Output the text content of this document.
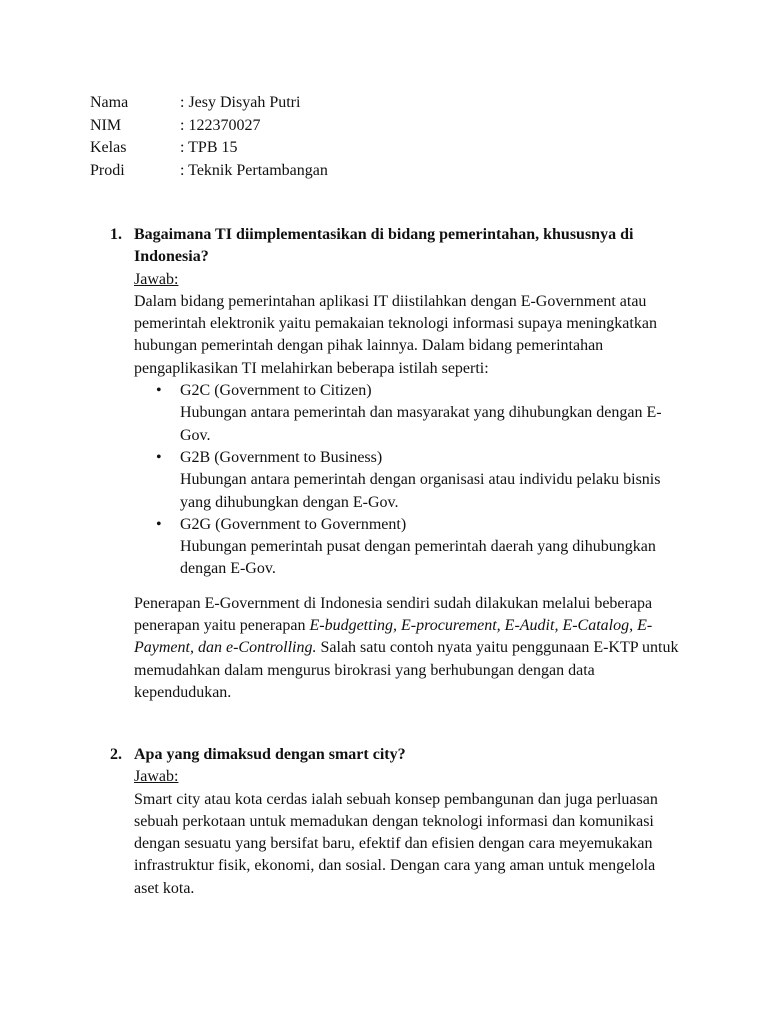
Nama	: Jesy Disyah Putri
NIM	: 122370027
Kelas	: TPB 15
Prodi	: Teknik Pertambangan
1. Bagaimana TI diimplementasikan di bidang pemerintahan, khususnya di Indonesia?
Jawab:

Dalam bidang pemerintahan aplikasi IT diistilahkan dengan E-Government atau pemerintah elektronik yaitu pemakaian teknologi informasi supaya meningkatkan hubungan pemerintah dengan pihak lainnya. Dalam bidang pemerintahan pengaplikasikan TI melahirkan beberapa istilah seperti:

•	G2C (Government to Citizen)
Hubungan antara pemerintah dan masyarakat yang dihubungkan dengan E-Gov.
•	G2B (Government to Business)
Hubungan antara pemerintah dengan organisasi atau individu pelaku bisnis yang dihubungkan dengan E-Gov.
•	G2G (Government to Government)
Hubungan pemerintah pusat dengan pemerintah daerah yang dihubungkan dengan E-Gov.

Penerapan E-Government di Indonesia sendiri sudah dilakukan melalui beberapa penerapan yaitu penerapan E-budgetting, E-procurement, E-Audit, E-Catalog, E-Payment, dan e-Controlling. Salah satu contoh nyata yaitu penggunaan E-KTP untuk memudahkan dalam mengurus birokrasi yang berhubungan dengan data kependudukan.

2. Apa yang dimaksud dengan smart city?
Jawab:

Smart city atau kota cerdas ialah sebuah konsep pembangunan dan juga perluasan sebuah perkotaan untuk memadukan dengan teknologi informasi dan komunikasi dengan sesuatu yang bersifat baru, efektif dan efisien dengan cara meyemukakan infrastruktur fisik, ekonomi, dan sosial. Dengan cara yang aman untuk mengelola aset kota.
